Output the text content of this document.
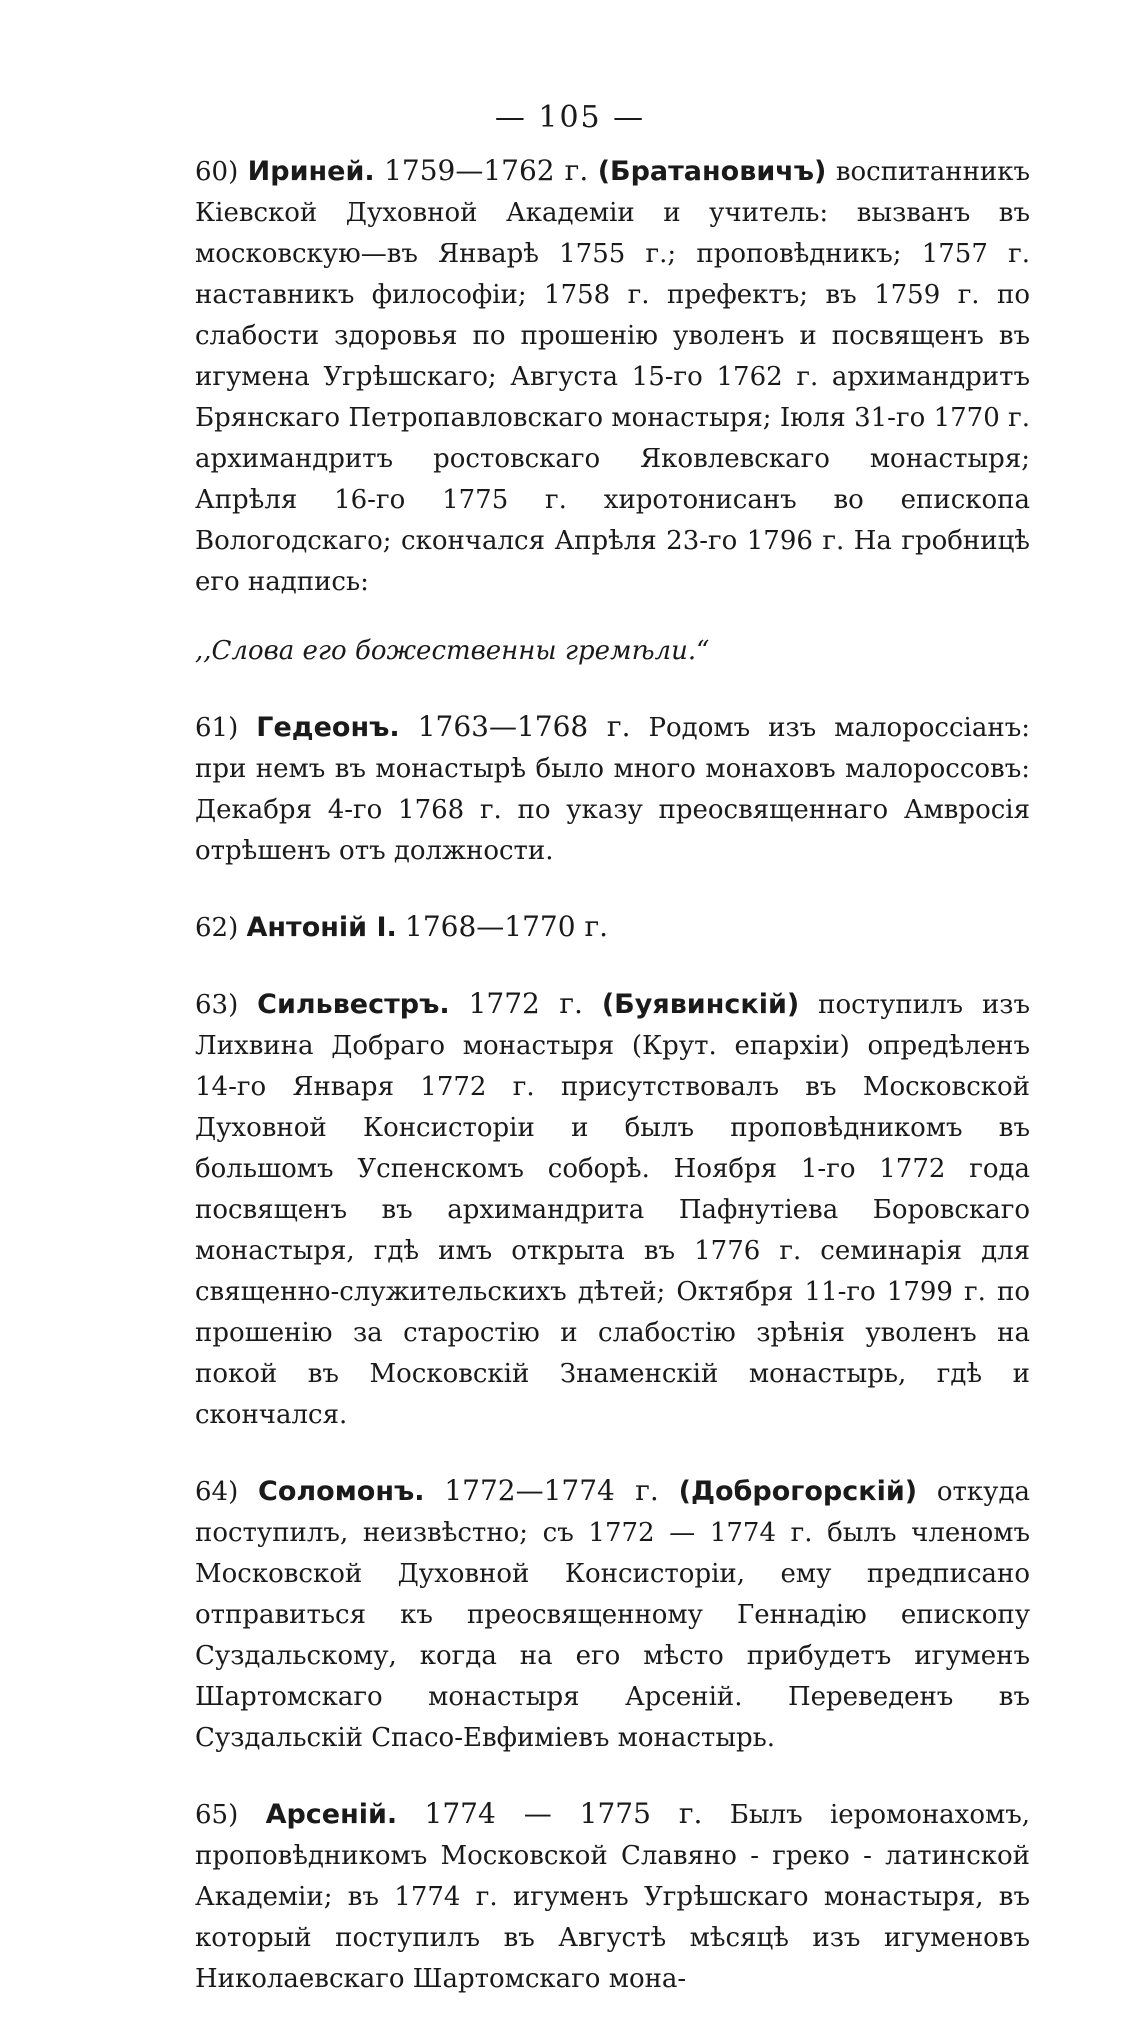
— 105 —

60) Иринeй. 1759—1762 г. (Братановичъ) воспитанникъ Кiевской Духовной Академiи и учитель: вызванъ въ московскую—въ Январѣ 1755 г.; проповѣдникъ; 1757 г. наставникъ философiи; 1758 г. префектъ; въ 1759 г. по слабости здоровья по прошенiю уволенъ и посвященъ въ игумена Угрѣшскаго; Августа 15-го 1762 г. архимандритъ Брянскаго Петропавловскаго монастыря; Iюля 31-го 1770 г. архимандритъ ростовскаго Яковлевскаго монастыря; Апрѣля 16-го 1775 г. хиротонисанъ во епископа Вологодскаго; скончался Апрѣля 23-го 1796 г. На гробницѣ его надпись:

,,Слова его божественны гремѣли.“

61) Гедеонъ. 1763—1768 г. Родомъ изъ малороссiанъ: при немъ въ монастырѣ было много монаховъ малороссовъ: Декабря 4-го 1768 г. по указу преосвященнаго Амвросiя отрѣшенъ отъ должности.

62) Антонiй I. 1768—1770 г.

63) Сильвестръ. 1772 г. (Буявинскiй) поступилъ изъ Лихвина Добраго монастыря (Крут. епархiи) опредѣленъ 14-го Января 1772 г. присутствовалъ въ Московской Духовной Консисторiи и былъ проповѣдникомъ въ большомъ Успенскомъ соборѣ. Ноября 1-го 1772 года посвященъ въ архимандрита Пафнутiева Боровскаго монастыря, гдѣ имъ открыта въ 1776 г. семинарiя для священно-служительскихъ дѣтей; Октября 11-го 1799 г. по прошенiю за старостiю и слабостiю зрѣнiя уволенъ на покой въ Московскiй Знаменскiй монастырь, гдѣ и скончался.

64) Соломонъ. 1772—1774 г. (Доброгорскiй) откуда поступилъ, неизвѣстно; съ 1772 — 1774 г. былъ членомъ Московской Духовной Консисторiи, ему предписано отправиться къ преосвященному Геннадiю епископу Суздальскому, когда на его мѣсто прибудетъ игуменъ Шартомскаго монастыря Арсенiй. Переведенъ въ Суздальскiй Спасо-Евфимiевъ монастырь.

65) Арсенiй. 1774 — 1775 г. Былъ iеромонахомъ, проповѣдникомъ Московской Славяно - греко - латинской Академiи; въ 1774 г. игуменъ Угрѣшскаго монастыря, въ который поступилъ въ Августѣ мѣсяцѣ изъ игуменовъ Николаевскаго Шартомскаго мона-
